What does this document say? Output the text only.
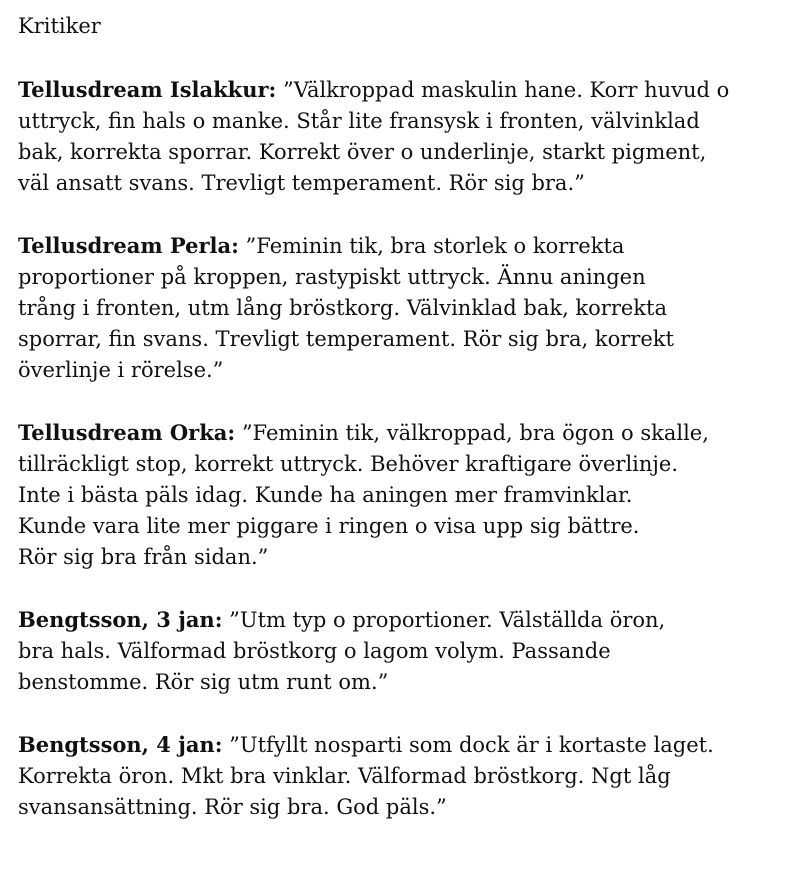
Kritiker
Tellusdream Islakkur: ”Välkroppad maskulin hane. Korr huvud o
uttryck, fin hals o manke. Står lite fransysk i fronten, välvinklad
bak, korrekta sporrar. Korrekt över o underlinje, starkt pigment,
väl ansatt svans. Trevligt temperament. Rör sig bra.”
Tellusdream Perla: ”Feminin tik, bra storlek o korrekta
proportioner på kroppen, rastypiskt uttryck. Ännu aningen
trång i fronten, utm lång bröstkorg. Välvinklad bak, korrekta
sporrar, fin svans. Trevligt temperament. Rör sig bra, korrekt
överlinje i rörelse.”
Tellusdream Orka: ”Feminin tik, välkroppad, bra ögon o skalle,
tillräckligt stop, korrekt uttryck. Behöver kraftigare överlinje.
Inte i bästa päls idag. Kunde ha aningen mer framvinklar.
Kunde vara lite mer piggare i ringen o visa upp sig bättre.
Rör sig bra från sidan.”
Bengtsson, 3 jan: ”Utm typ o proportioner. Välställda öron,
bra hals. Välformad bröstkorg o lagom volym. Passande
benstomme. Rör sig utm runt om.”
Bengtsson, 4 jan: ”Utfyllt nosparti som dock är i kortaste laget.
Korrekta öron. Mkt bra vinklar. Välformad bröstkorg. Ngt låg
svansansättning. Rör sig bra. God päls.”
